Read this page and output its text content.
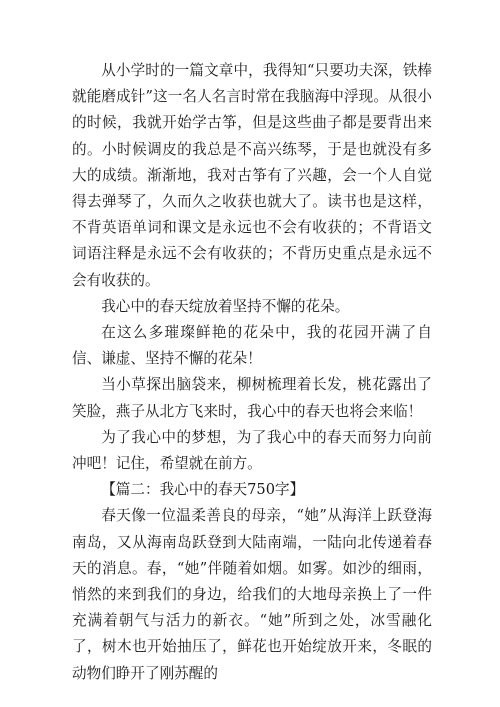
从小学时的一篇文章中，我得知“只要功夫深，铁棒就能磨成针”这一名人名言时常在我脑海中浮现。从很小的时候，我就开始学古筝，但是这些曲子都是要背出来的。小时候调皮的我总是不高兴练琴，于是也就没有多大的成绩。渐渐地，我对古筝有了兴趣，会一个人自觉得去弹琴了，久而久之收获也就大了。读书也是这样，不背英语单词和课文是永远也不会有收获的；不背语文词语注释是永远不会有收获的；不背历史重点是永远不会有收获的。

我心中的春天绽放着坚持不懈的花朵。

在这么多璀璨鲜艳的花朵中，我的花园开满了自信、谦虚、坚持不懈的花朵！

当小草探出脑袋来，柳树梳理着长发，桃花露出了笑脸，燕子从北方飞来时，我心中的春天也将会来临！

为了我心中的梦想，为了我心中的春天而努力向前冲吧！记住，希望就在前方。

【篇二：我心中的春天750字】

春天像一位温柔善良的母亲，“她”从海洋上跃登海南岛，又从海南岛跃登到大陆南端，一陆向北传递着春天的消息。春，“她”伴随着如烟。如雾。如沙的细雨，悄然的来到我们的身边，给我们的大地母亲换上了一件充满着朝气与活力的新衣。“她”所到之处，冰雪融化了，树木也开始抽压了，鲜花也开始绽放开来，冬眠的动物们睁开了刚苏醒的
